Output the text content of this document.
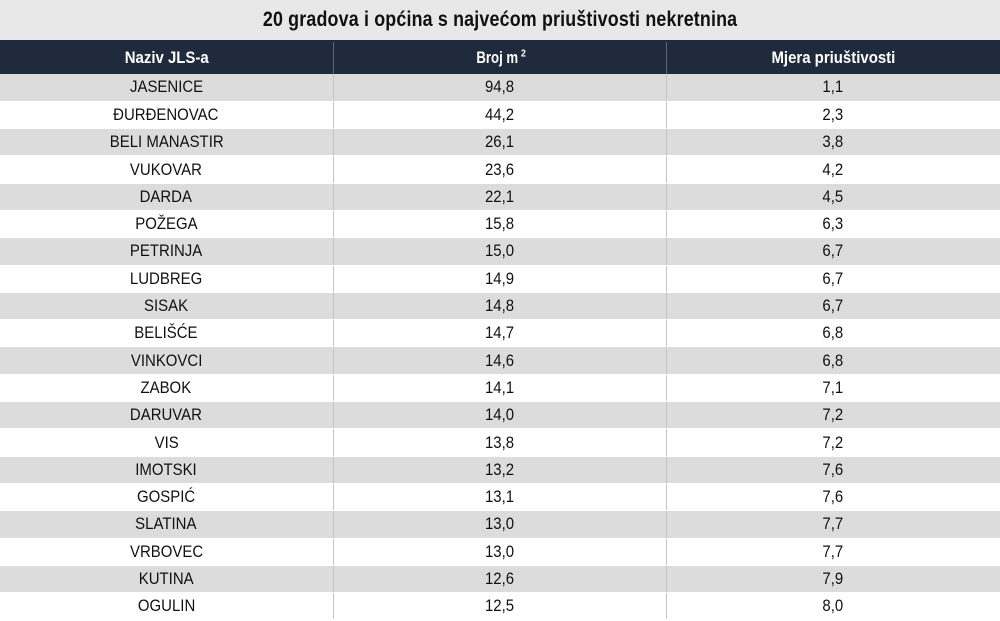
20 gradova i općina s najvećom priuštivosti nekretnina
Naziv JLS-a	Broj m $^2$	Mjera priuštivosti
JASENICE	94,8	1,1
ĐURĐENOVAC	44,2	2,3
BELI MANASTIR	26,1	3,8
VUKOVAR	23,6	4,2
DARDA	22,1	4,5
POŽEGA	15,8	6,3
PETRINJA	15,0	6,7
LUDBREG	14,9	6,7
SISAK	14,8	6,7
BELIŠĆE	14,7	6,8
VINKOVCI	14,6	6,8
ZABOK	14,1	7,1
DARUVAR	14,0	7,2
VIS	13,8	7,2
IMOTSKI	13,2	7,6
GOSPIĆ	13,1	7,6
SLATINA	13,0	7,7
VRBOVEC	13,0	7,7
KUTINA	12,6	7,9
OGULIN	12,5	8,0
